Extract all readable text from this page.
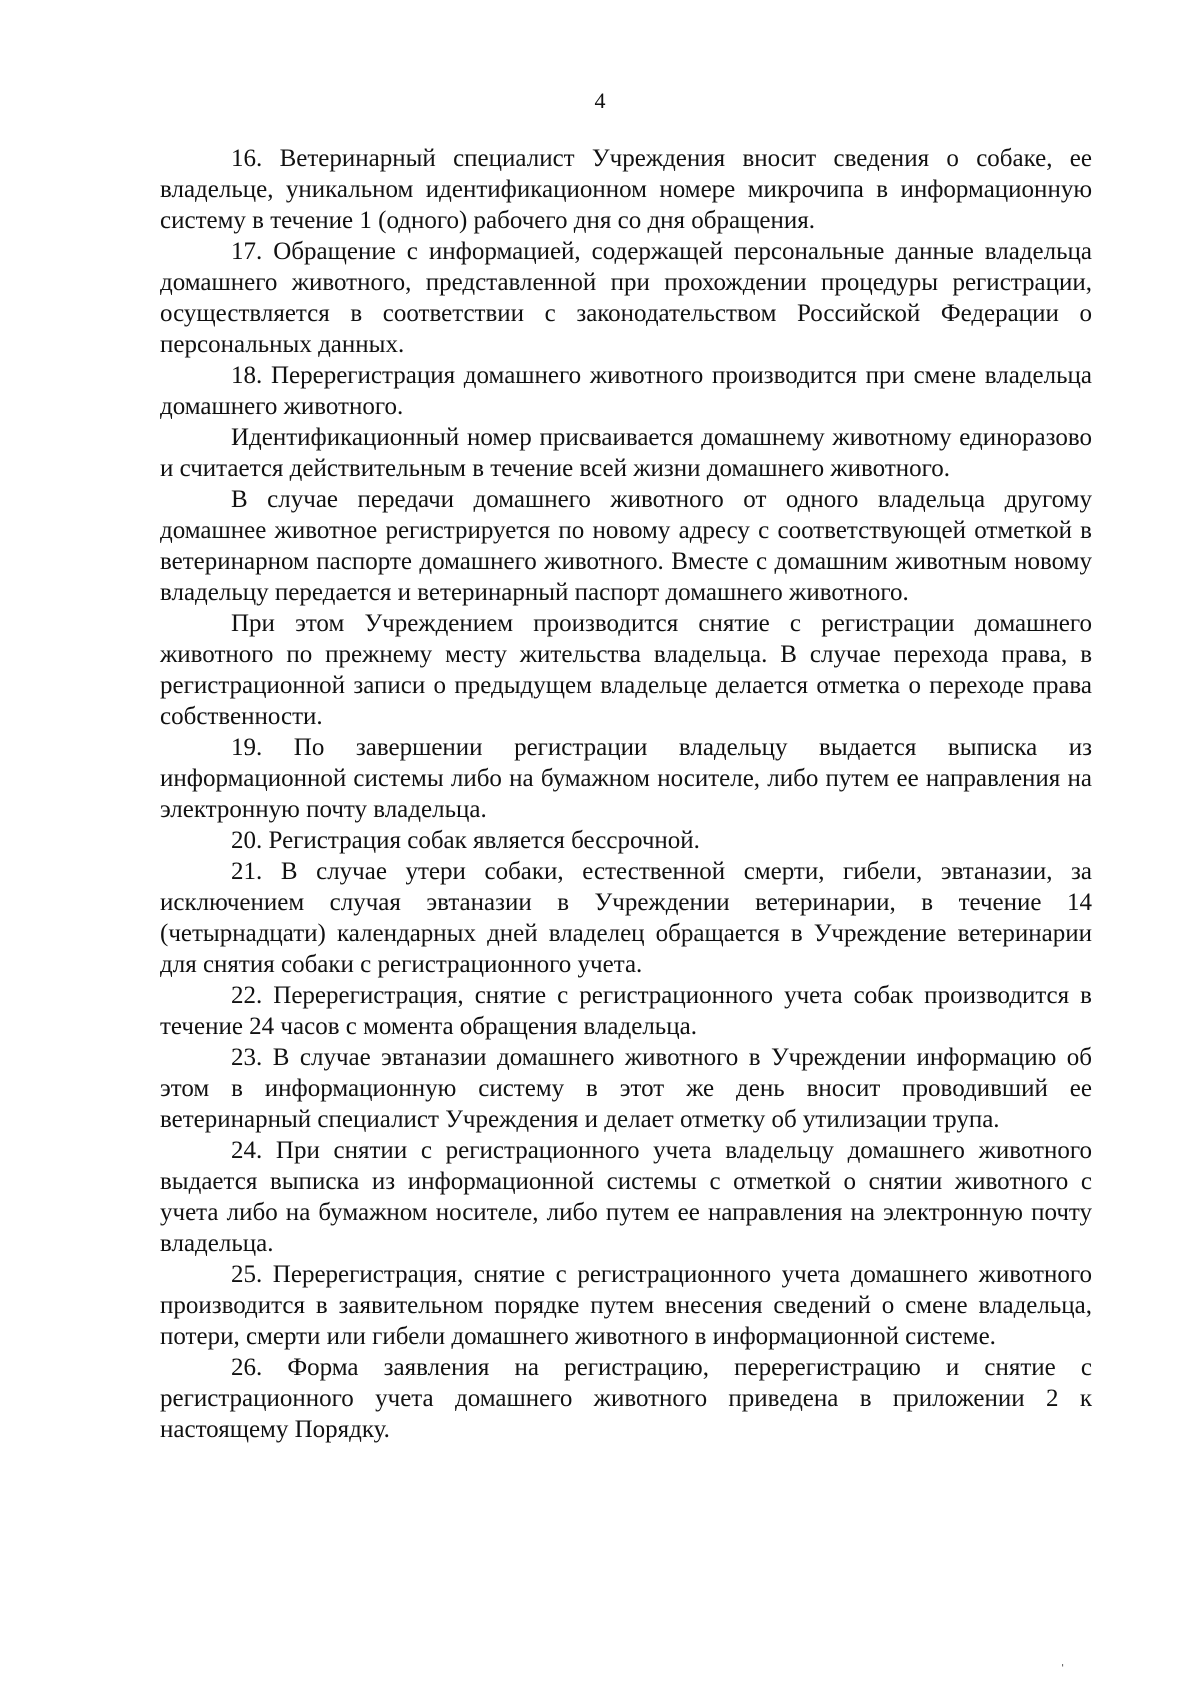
4

16. Ветеринарный специалист Учреждения вносит сведения о собаке, ее владельце, уникальном идентификационном номере микрочипа в информационную систему в течение 1 (одного) рабочего дня со дня обращения.

17. Обращение с информацией, содержащей персональные данные владельца домашнего животного, представленной при прохождении процедуры регистрации, осуществляется в соответствии с законодательством Российской Федерации о персональных данных.

18. Перерегистрация домашнего животного производится при смене владельца домашнего животного.

Идентификационный номер присваивается домашнему животному единоразово и считается действительным в течение всей жизни домашнего животного.

В случае передачи домашнего животного от одного владельца другому домашнее животное регистрируется по новому адресу с соответствующей отметкой в ветеринарном паспорте домашнего животного. Вместе с домашним животным новому владельцу передается и ветеринарный паспорт домашнего животного.

При этом Учреждением производится снятие с регистрации домашнего животного по прежнему месту жительства владельца. В случае перехода права, в регистрационной записи о предыдущем владельце делается отметка о переходе права собственности.

19. По завершении регистрации владельцу выдается выписка из информационной системы либо на бумажном носителе, либо путем ее направления на электронную почту владельца.

20. Регистрация собак является бессрочной.

21. В случае утери собаки, естественной смерти, гибели, эвтаназии, за исключением случая эвтаназии в Учреждении ветеринарии, в течение 14 (четырнадцати) календарных дней владелец обращается в Учреждение ветеринарии для снятия собаки с регистрационного учета.

22. Перерегистрация, снятие с регистрационного учета собак производится в течение 24 часов с момента обращения владельца.

23. В случае эвтаназии домашнего животного в Учреждении информацию об этом в информационную систему в этот же день вносит проводивший ее ветеринарный специалист Учреждения и делает отметку об утилизации трупа.

24. При снятии с регистрационного учета владельцу домашнего животного выдается выписка из информационной системы с отметкой о снятии животного с учета либо на бумажном носителе, либо путем ее направления на электронную почту владельца.

25. Перерегистрация, снятие с регистрационного учета домашнего животного производится в заявительном порядке путем внесения сведений о смене владельца, потери, смерти или гибели домашнего животного в информационной системе.

26. Форма заявления на регистрацию, перерегистрацию и снятие с регистрационного учета домашнего животного приведена в приложении 2 к настоящему Порядку.

ˈ
